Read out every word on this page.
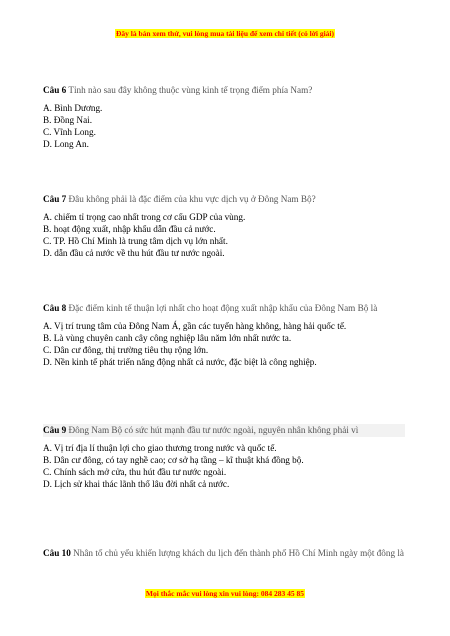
Đây là bản xem thử, vui lòng mua tài liệu để xem chi tiết (có lời giải)

Câu 6 Tỉnh nào sau đây không thuộc vùng kinh tế trọng điểm phía Nam?

A. Bình Dương.

B. Đồng Nai.

C. Vĩnh Long.

D. Long An.

Câu 7 Đâu không phải là đặc điểm của khu vực dịch vụ ở Đông Nam Bộ?

A. chiếm tỉ trọng cao nhất trong cơ cấu GDP của vùng.

B. hoạt động xuất, nhập khẩu dẫn đầu cả nước.

C. TP. Hồ Chí Minh là trung tâm dịch vụ lớn nhất.

D. dẫn đầu cả nước về thu hút đầu tư nước ngoài.

Câu 8 Đặc điểm kinh tế thuận lợi nhất cho hoạt động xuất nhập khẩu của Đông Nam Bộ là

A. Vị trí trung tâm của Đông Nam Á, gần các tuyến hàng không, hàng hải quốc tế.

B. Là vùng chuyên canh cây công nghiệp lâu năm lớn nhất nước ta.

C. Dân cư đông, thị trường tiêu thụ rộng lớn.

D. Nền kinh tế phát triển năng động nhất cả nước, đặc biệt là công nghiệp.

Câu 9 Đông Nam Bộ có sức hút mạnh đầu tư nước ngoài, nguyên nhân không phải vì

A. Vị trí địa lí thuận lợi cho giao thương trong nước và quốc tế.

B. Dân cư đông, có tay nghề cao; cơ sở hạ tầng – kĩ thuật khá đồng bộ.

C. Chính sách mở cửa, thu hút đầu tư nước ngoài.

D. Lịch sử khai thác lãnh thổ lâu đời nhất cả nước.

Câu 10 Nhân tố chủ yếu khiến lượng khách du lịch đến thành phố Hồ Chí Minh ngày một đông là

Mọi thắc mắc vui lòng xin vui lòng: 084 283 45 85
